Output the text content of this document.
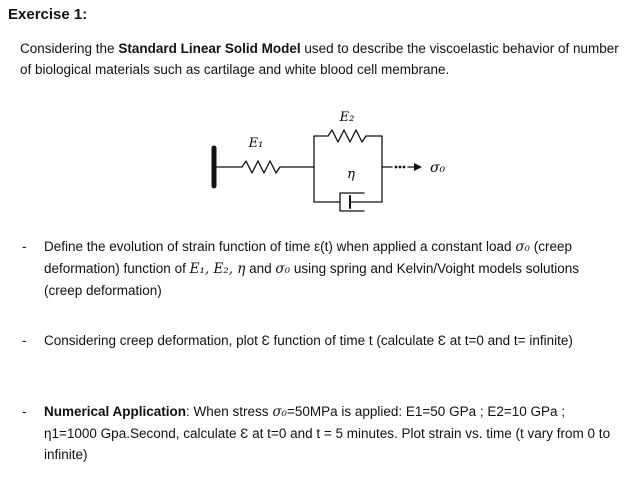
Exercise 1:
Considering the Standard Linear Solid Model used to describe the viscoelastic behavior of number of biological materials such as cartilage and white blood cell membrane.
E₁
E₂
η	σ₀
- Define the evolution of strain function of time ε(t) when applied a constant load σ₀ (creep deformation) function of E₁, E₂, η and σ₀ using spring and Kelvin/Voight models solutions (creep deformation)
- Considering creep deformation, plot Ɛ function of time t (calculate Ɛ at t=0 and t= infinite)
- Numerical Application: When stress σ₀=50MPa is applied: E1=50 GPa ; E2=10 GPa ; η1=1000 Gpa.Second, calculate Ɛ at t=0 and t = 5 minutes. Plot strain vs. time (t vary from 0 to infinite)
